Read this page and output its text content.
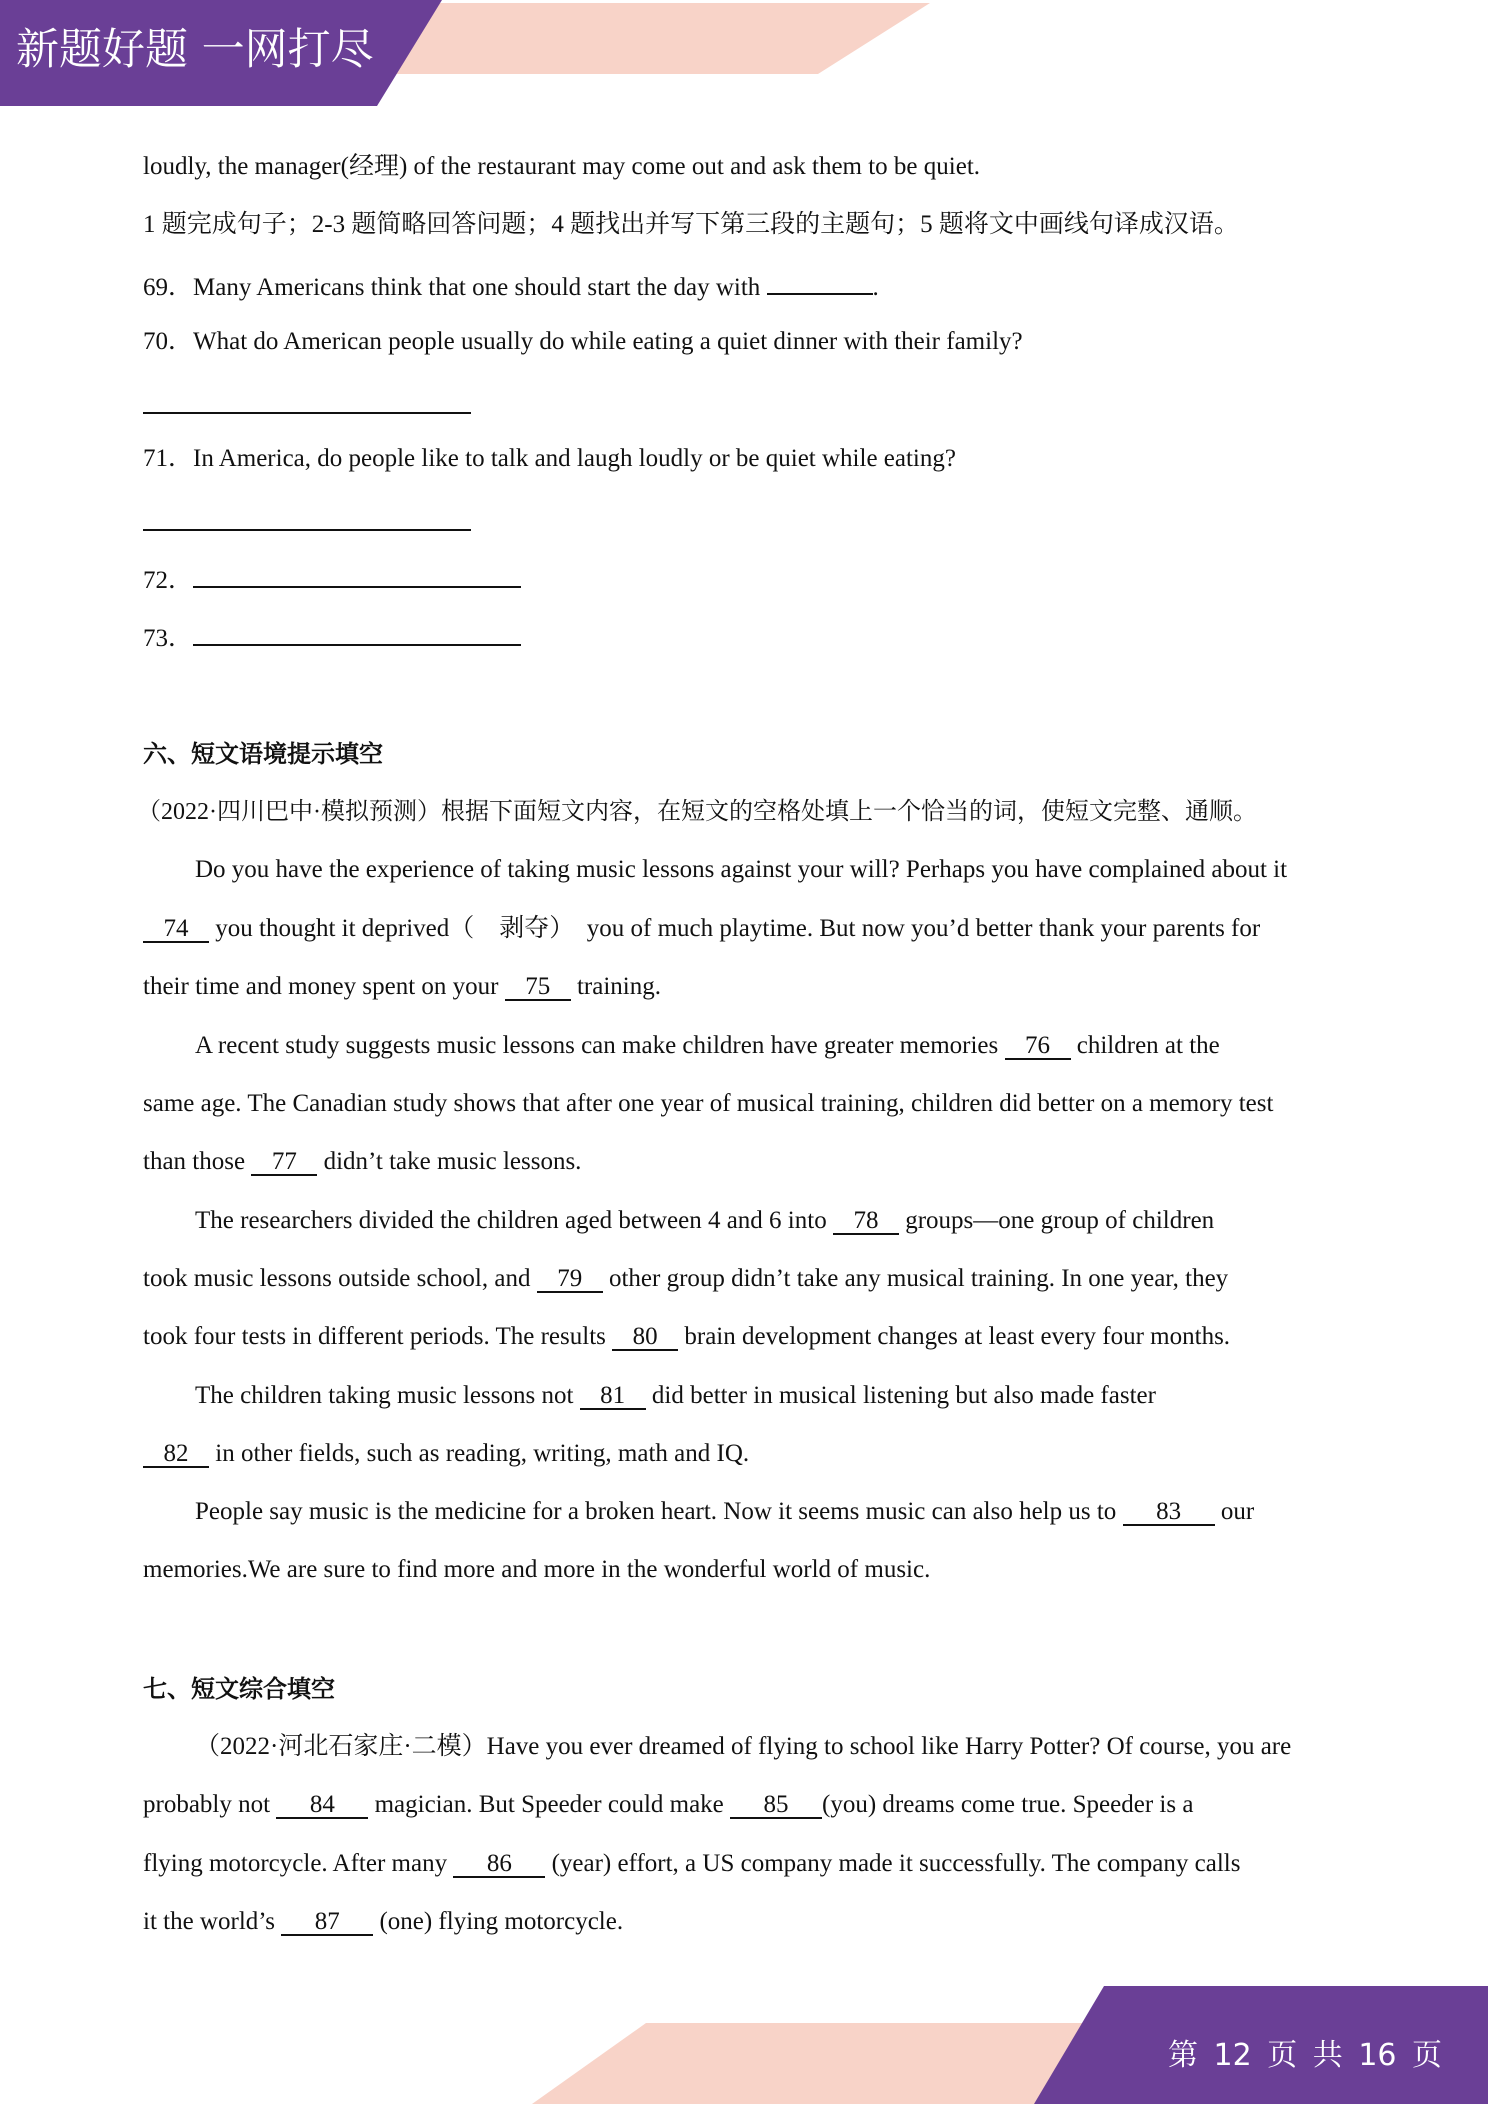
新题好题 一网打尽
loudly, the manager(经理) of the restaurant may come out and ask them to be quiet.
1 题完成句子；2-3 题简略回答问题；4 题找出并写下第三段的主题句；5 题将文中画线句译成汉语。
69．Many Americans think that one should start the day with	.
70．What do American people usually do while eating a quiet dinner with their family?
71．In America, do people like to talk and laugh loudly or be quiet while eating?
72．
73．
六、短文语境提示填空
（2022·四川巴中·模拟预测）根据下面短文内容，在短文的空格处填上一个恰当的词，使短文完整、通顺。
Do you have the experience of taking music lessons against your will? Perhaps you have complained about it
74 you thought it deprived（　剥夺）　you of much playtime. But now you’d better thank your parents for
their time and money spent on your 75 training.
A recent study suggests music lessons can make children have greater memories 76 children at the
same age. The Canadian study shows that after one year of musical training, children did better on a memory test
than those 77 didn’t take music lessons.
The researchers divided the children aged between 4 and 6 into 78 groups—one group of children
took music lessons outside school, and 79 other group didn’t take any musical training. In one year, they
took four tests in different periods. The results 80 brain development changes at least every four months.
The children taking music lessons not 81 did better in musical listening but also made faster
82 in other fields, such as reading, writing, math and IQ.
People say music is the medicine for a broken heart. Now it seems music can also help us to 83 our
memories.We are sure to find more and more in the wonderful world of music.
七、短文综合填空
（2022·河北石家庄·二模）Have you ever dreamed of flying to school like Harry Potter? Of course, you are
probably not 84 magician. But Speeder could make 85 (you) dreams come true. Speeder is a
flying motorcycle. After many 86 (year) effort, a US company made it successfully. The company calls
it the world’s 87 (one) flying motorcycle.
第 12 页 共 16 页
